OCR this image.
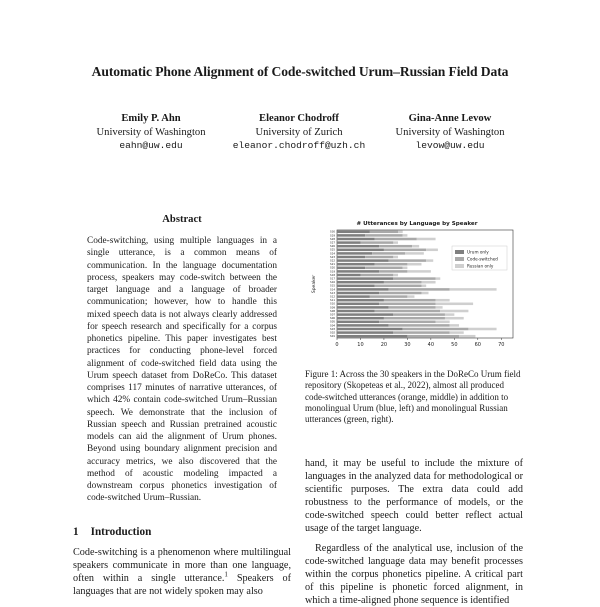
Automatic Phone Alignment of Code-switched Urum–Russian Field Data
Emily P. Ahn
University of Washington
eahn@uw.edu
Eleanor Chodroff
University of Zurich
eleanor.chodroff@uzh.ch
Gina-Anne Levow
University of Washington
levow@uw.edu
Abstract

Code-switching, using multiple languages in a single utterance, is a common means of communication. In the language documentation process, speakers may code-switch between the target language and a language of broader communication; however, how to handle this mixed speech data is not always clearly addressed for speech research and specifically for a corpus phonetics pipeline. This paper investigates best practices for conducting phone-level forced alignment of code-switched field data using the Urum speech dataset from DoReCo. This dataset comprises 117 minutes of narrative utterances, of which 42% contain code-switched Urum–Russian speech. We demonstrate that the inclusion of Russian speech and Russian pretrained acoustic models can aid the alignment of Urum phones. Beyond using boundary alignment precision and accuracy metrics, we also discovered that the method of acoustic modeling impacted a downstream corpus phonetics investigation of code-switched Urum–Russian.

1 Introduction

Code-switching is a phenomenon where multilingual speakers communicate in more than one language, often within a single utterance.$^1$ Speakers of languages that are not widely spoken may also

# Utterances by Language by Speaker
S30
S29
S28
S27
S26
S25
S24
S23
S22
S21
S20
S19
S18
S17
S16
S15
S14
S13
S12
S11
S10
S09
S08
S07
S06
S05
S04
S03
S02
S01
0	10	20	30	40	50	60	70
Speaker
Urum only
Code-switched
Russian only

Figure 1: Across the 30 speakers in the DoReCo Urum field repository (Skopeteas et al., 2022), almost all produced code-switched utterances (orange, middle) in addition to monolingual Urum (blue, left) and monolingual Russian utterances (green, right).

hand, it may be useful to include the mixture of languages in the analyzed data for methodological or scientific purposes. The extra data could add robustness to the performance of models, or the code-switched speech could better reflect actual usage of the target language.

Regardless of the analytical use, inclusion of the code-switched language data may benefit processes within the corpus phonetics pipeline. A critical part of this pipeline is phonetic forced alignment, in which a time-aligned phone sequence is identified
